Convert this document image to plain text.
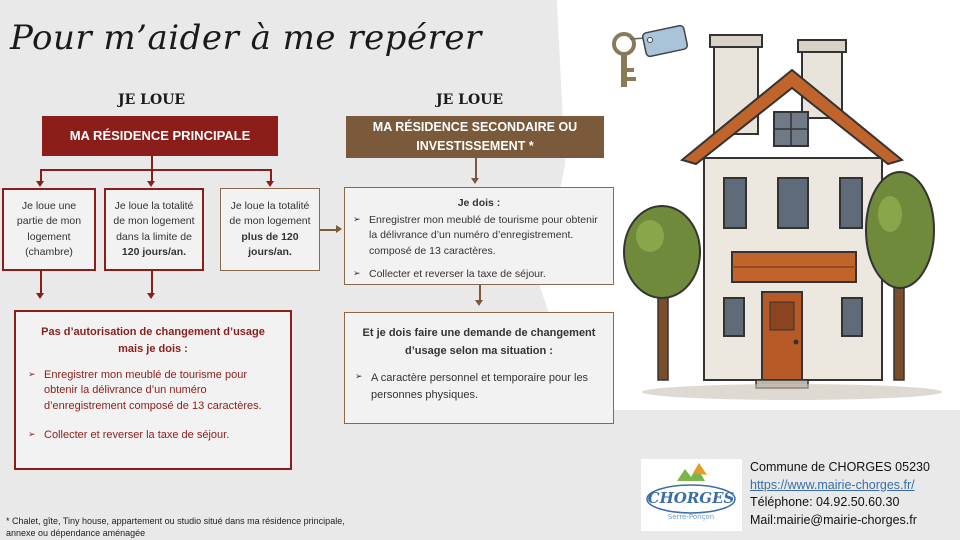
Pour m’aider à me repérer
JE LOUE
MA RÉSIDENCE PRINCIPALE
Je loue une partie de mon logement (chambre)
Je loue la totalité de mon logement dans la limite de 120 jours/an.
Je loue la totalité de mon logement plus de 120 jours/an.
Pas d’autorisation de changement d’usage mais je dois :
➢ Enregistrer mon meublé de tourisme pour obtenir la délivrance d’un numéro d’enregistrement composé de 13 caractères.
➢ Collecter et reverser la taxe de séjour.
JE LOUE
MA RÉSIDENCE SECONDAIRE OU INVESTISSEMENT *
Je dois :
➢ Enregistrer mon meublé de tourisme pour obtenir la délivrance d’un numéro d’enregistrement. composé de 13 caractères.
➢ Collecter et reverser la taxe de séjour.
Et je dois faire une demande de changement d’usage selon ma situation :
➢ A caractère personnel et temporaire pour les personnes physiques.
CHORGES
Serre-Ponçon
Commune de CHORGES 05230
https://www.mairie-chorges.fr/
Téléphone: 04.92.50.60.30
Mail:mairie@mairie-chorges.fr
* Chalet, gîte, Tiny house, appartement ou studio situé dans ma résidence principale,
annexe ou dépendance aménagée
